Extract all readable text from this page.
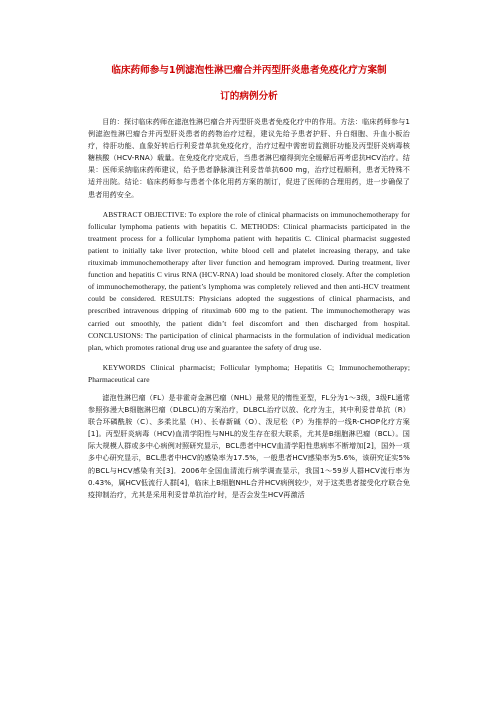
临床药师参与1例滤泡性淋巴瘤合并丙型肝炎患者免疫化疗方案制
订的病例分析

目的：探讨临床药师在滤泡性淋巴瘤合并丙型肝炎患者免疫化疗中的作用。方法：临床药师参与1例滤泡性淋巴瘤合并丙型肝炎患者的药物治疗过程，建议先给予患者护肝、升白细胞、升血小板治疗，待肝功能、血象好转后行利妥昔单抗免疫化疗，治疗过程中需密切监测肝功能及丙型肝炎病毒核糖核酸（HCV-RNA）载量。在免疫化疗完成后，当患者淋巴瘤得到完全缓解后再考虑抗HCV治疗。结果：医师采纳临床药师建议，给予患者静脉滴注利妥昔单抗600 mg，治疗过程顺利，患者无特殊不适并出院。结论：临床药师参与患者个体化用药方案的制订，促进了医师的合理用药，进一步确保了患者用药安全。

ABSTRACT OBJECTIVE: To explore the role of clinical pharmacists on immunochemotherapy for follicular lymphoma patients with hepatitis C. METHODS: Clinical pharmacists participated in the treatment process for a follicular lymphoma patient with hepatitis C. Clinical pharmacist suggested patient to initially take liver protection, white blood cell and platelet increasing therapy, and take rituximab immunochemotherapy after liver function and hemogram improved. During treatment, liver function and hepatitis C virus RNA (HCV-RNA) load should be monitored closely. After the completion of immunochemotherapy, the patient’s lymphoma was completely relieved and then anti-HCV treatment could be considered. RESULTS: Physicians adopted the suggestions of clinical pharmacists, and prescribed intravenous dripping of rituximab 600 mg to the patient. The immunochemotherapy was carried out smoothly, the patient didn’t feel discomfort and then discharged from hospital. CONCLUSIONS: The participation of clinical pharmacists in the formulation of individual medication plan, which promotes rational drug use and guarantee the safety of drug use.

KEYWORDS Clinical pharmacist; Follicular lymphoma; Hepatitis C; Immunochemotherapy; Pharmaceutical care

滤泡性淋巴瘤（FL）是非霍奇金淋巴瘤（NHL）最常见的惰性亚型，FL分为1～3级，3级FL通常参照弥漫大B细胞淋巴瘤（DLBCL)的方案治疗，DLBCL治疗以放、化疗为主，其中利妥昔单抗（R）联合环磷酰胺（C）、多柔比星（H）、长春新碱（O）、泼尼松（P）为推荐的一线R-CHOP化疗方案[1]。丙型肝炎病毒（HCV)血清学阳性与NHL的发生存在很大联系，尤其是B细胞淋巴瘤（BCL）。国际大规模人群或多中心病例对照研究显示，BCL患者中HCV血清学阳性患病率不断增加[2]，国外一项多中心研究显示，BCL患者中HCV的感染率为17.5%，一般患者HCV感染率为5.6%，该研究证实5%的BCL与HCV感染有关[3]．2006年全国血清流行病学调查显示，我国1～59岁人群HCV流行率为0.43%，属HCV低流行人群[4]，临床上B细胞NHL合并HCV病例较少，对于这类患者接受化疗联合免疫抑制治疗，尤其是采用利妥昔单抗治疗时，是否会发生HCV再激活
